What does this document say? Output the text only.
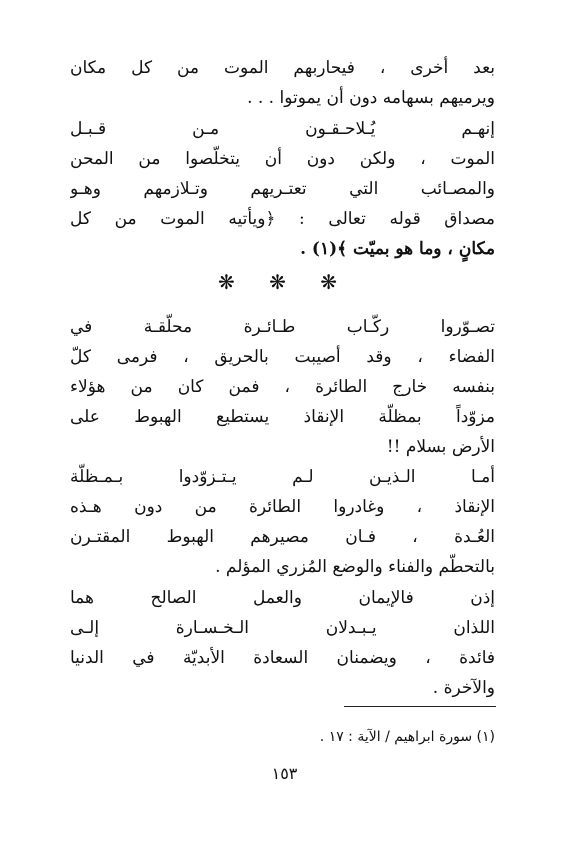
بعد أخرى ، فيحاربهم الموت من كل مكان
ويرميهم بسهامه دون أن يموتوا . . .
إنهـم يُـلاحـقـون مـن قـبـل
الموت ، ولكن دون أن يتخلّصوا من المحن
والمصـائب التي تعتـريهم وتـلازمهم وهـو
مصداق قوله تعالى : ﴿ويأتيه الموت من كل
مكانٍ ، وما هو بميّت ﴾(١) .
❋ ❋ ❋
تصـوّروا ركّـاب طـائـرة محلّقـة في
الفضاء ، وقد أصيبت بالحريق ، فرمى كلّ
بنفسه خارج الطائرة ، فمن كان من هؤلاء
مزوّداً بمظلّة الإنقاذ يستطيع الهبوط على
الأرض بسلام !!
أمـا الـذيـن لـم يـتـزوّدوا بـمـظلّة
الإنقاذ ، وغادروا الطائرة من دون هـذه
العُـدة ، فـان مصيرهم الهبوط المقتـرن
بالتحطّم والفناء والوضع المُزري المؤلم .
إذن فالإيمان والعمل الصالح هما
اللذان يـبـدلان الـخـسـارة إلـى
فائدة ، ويضمنان السعادة الأبديّة في الدنيا
والآخرة .
(١) سورة ابراهيم / الآية : ١٧ .
١٥٣
